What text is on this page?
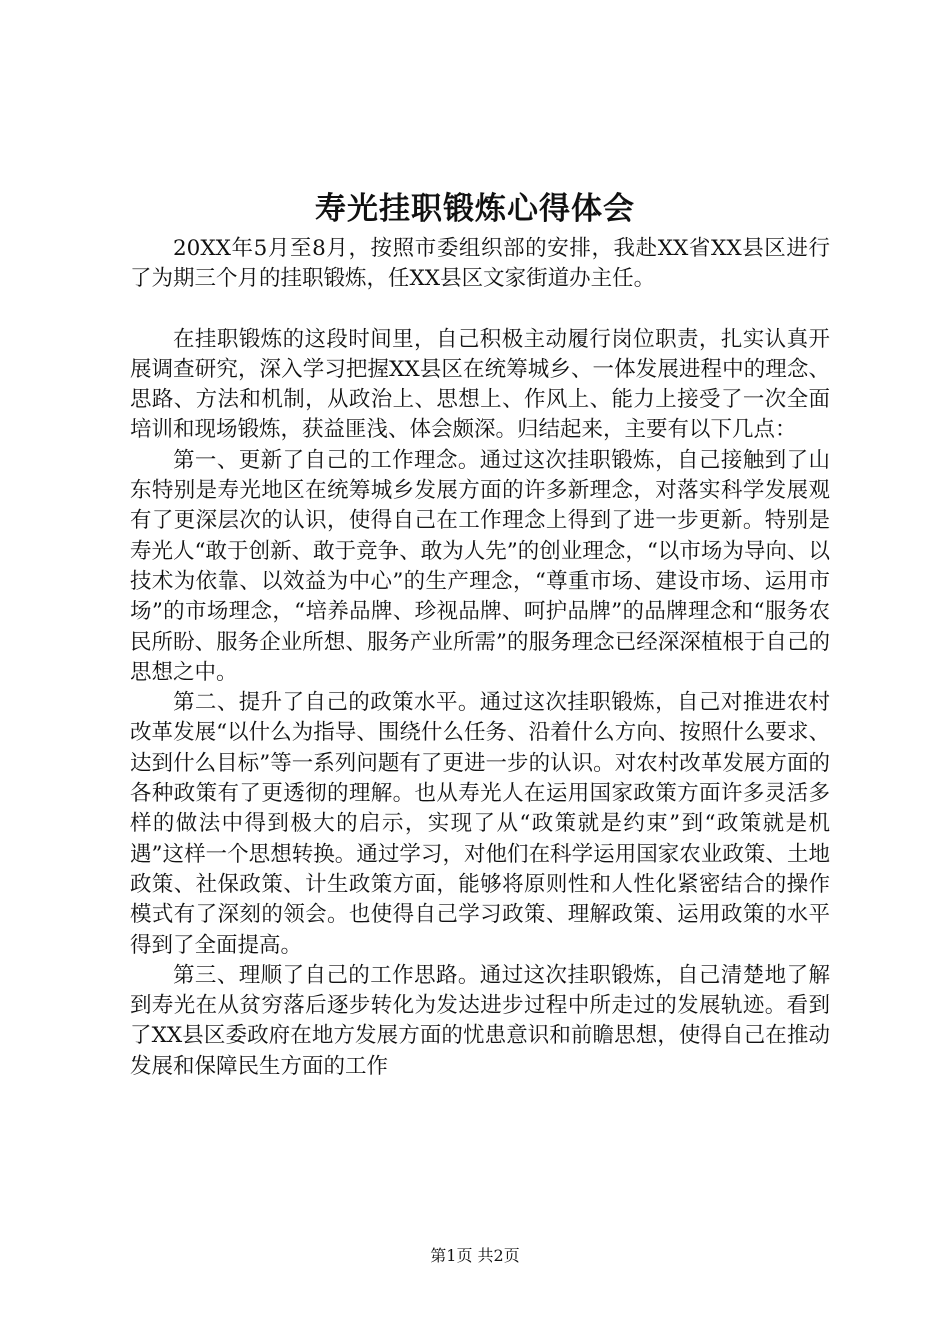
寿光挂职锻炼心得体会

20XX年5月至8月，按照市委组织部的安排，我赴XX省XX县区进行了为期三个月的挂职锻炼，任XX县区文家街道办主任。

在挂职锻炼的这段时间里，自己积极主动履行岗位职责，扎实认真开展调查研究，深入学习把握XX县区在统筹城乡、一体发展进程中的理念、思路、方法和机制，从政治上、思想上、作风上、能力上接受了一次全面培训和现场锻炼，获益匪浅、体会颇深。归结起来，主要有以下几点：

第一、更新了自己的工作理念。通过这次挂职锻炼，自己接触到了山东特别是寿光地区在统筹城乡发展方面的许多新理念，对落实科学发展观有了更深层次的认识，使得自己在工作理念上得到了进一步更新。特别是寿光人“敢于创新、敢于竞争、敢为人先”的创业理念，“以市场为导向、以技术为依靠、以效益为中心”的生产理念，“尊重市场、建设市场、运用市场”的市场理念，“培养品牌、珍视品牌、呵护品牌”的品牌理念和“服务农民所盼、服务企业所想、服务产业所需”的服务理念已经深深植根于自己的思想之中。

第二、提升了自己的政策水平。通过这次挂职锻炼，自己对推进农村改革发展“以什么为指导、围绕什么任务、沿着什么方向、按照什么要求、达到什么目标”等一系列问题有了更进一步的认识。对农村改革发展方面的各种政策有了更透彻的理解。也从寿光人在运用国家政策方面许多灵活多样的做法中得到极大的启示，实现了从“政策就是约束”到“政策就是机遇”这样一个思想转换。通过学习，对他们在科学运用国家农业政策、土地政策、社保政策、计生政策方面，能够将原则性和人性化紧密结合的操作模式有了深刻的领会。也使得自己学习政策、理解政策、运用政策的水平得到了全面提高。

第三、理顺了自己的工作思路。通过这次挂职锻炼，自己清楚地了解到寿光在从贫穷落后逐步转化为发达进步过程中所走过的发展轨迹。看到了XX县区委政府在地方发展方面的忧患意识和前瞻思想，使得自己在推动发展和保障民生方面的工作

第1页 共2页
